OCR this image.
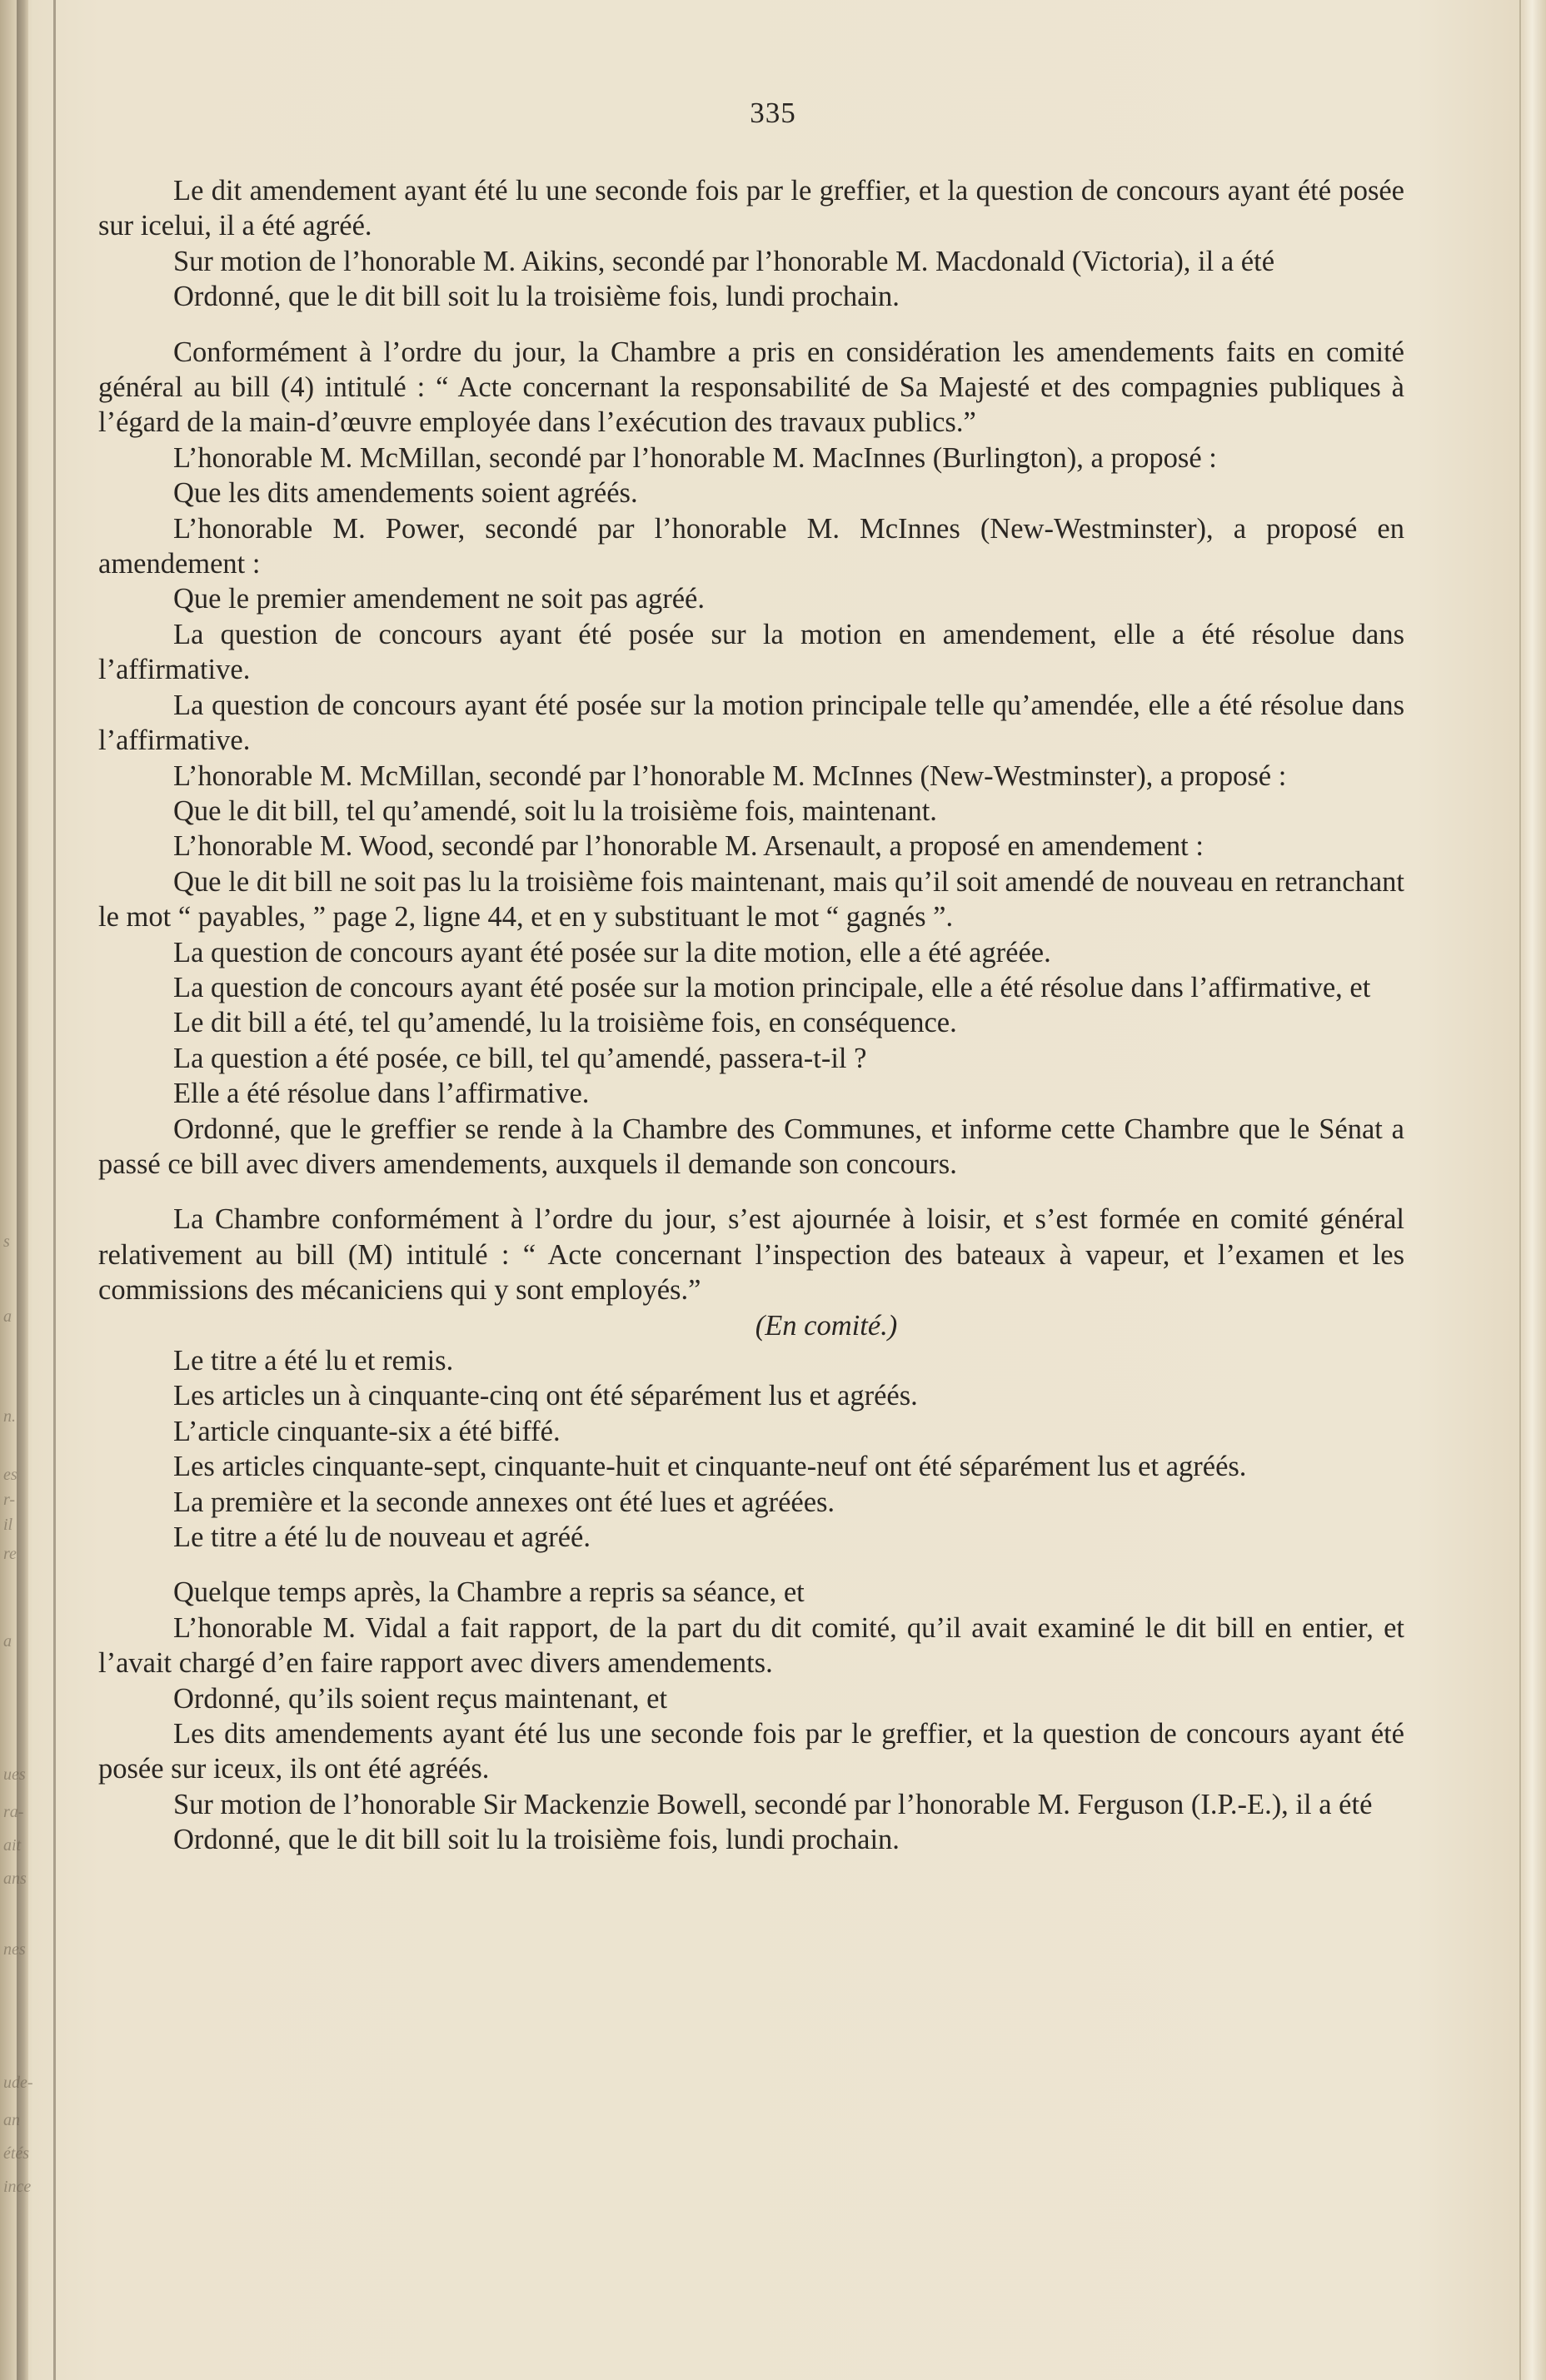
s
a
n.
es
r-
il
re
a
ues
ra-
ait
ans
nes
ude-
an
étés
ince
335

Le dit amendement ayant été lu une seconde fois par le greffier, et la question de concours ayant été posée sur icelui, il a été agréé.

Sur motion de l’honorable M. Aikins, secondé par l’honorable M. Macdonald (Victoria), il a été

Ordonné, que le dit bill soit lu la troisième fois, lundi prochain.

Conformément à l’ordre du jour, la Chambre a pris en considération les amendements faits en comité général au bill (4) intitulé : “ Acte concernant la responsabilité de Sa Majesté et des compagnies publiques à l’égard de la main-d’œuvre employée dans l’exécution des travaux publics.”

L’honorable M. McMillan, secondé par l’honorable M. MacInnes (Burlington), a proposé :

Que les dits amendements soient agréés.

L’honorable M. Power, secondé par l’honorable M. McInnes (New-Westminster), a proposé en amendement :

Que le premier amendement ne soit pas agréé.

La question de concours ayant été posée sur la motion en amendement, elle a été résolue dans l’affirmative.

La question de concours ayant été posée sur la motion principale telle qu’amendée, elle a été résolue dans l’affirmative.

L’honorable M. McMillan, secondé par l’honorable M. McInnes (New-Westminster), a proposé :

Que le dit bill, tel qu’amendé, soit lu la troisième fois, maintenant.

L’honorable M. Wood, secondé par l’honorable M. Arsenault, a proposé en amendement :

Que le dit bill ne soit pas lu la troisième fois maintenant, mais qu’il soit amendé de nouveau en retranchant le mot “ payables, ” page 2, ligne 44, et en y substituant le mot “ gagnés ”.

La question de concours ayant été posée sur la dite motion, elle a été agréée.

La question de concours ayant été posée sur la motion principale, elle a été résolue dans l’affirmative, et

Le dit bill a été, tel qu’amendé, lu la troisième fois, en conséquence.

La question a été posée, ce bill, tel qu’amendé, passera-t-il ?

Elle a été résolue dans l’affirmative.

Ordonné, que le greffier se rende à la Chambre des Communes, et informe cette Chambre que le Sénat a passé ce bill avec divers amendements, auxquels il demande son concours.

La Chambre conformément à l’ordre du jour, s’est ajournée à loisir, et s’est formée en comité général relativement au bill (M) intitulé : “ Acte concernant l’inspection des bateaux à vapeur, et l’examen et les commissions des mécaniciens qui y sont employés.”

(En comité.)

Le titre a été lu et remis.

Les articles un à cinquante-cinq ont été séparément lus et agréés.

L’article cinquante-six a été biffé.

Les articles cinquante-sept, cinquante-huit et cinquante-neuf ont été séparément lus et agréés.

La première et la seconde annexes ont été lues et agréées.

Le titre a été lu de nouveau et agréé.

Quelque temps après, la Chambre a repris sa séance, et

L’honorable M. Vidal a fait rapport, de la part du dit comité, qu’il avait examiné le dit bill en entier, et l’avait chargé d’en faire rapport avec divers amendements.

Ordonné, qu’ils soient reçus maintenant, et

Les dits amendements ayant été lus une seconde fois par le greffier, et la question de concours ayant été posée sur iceux, ils ont été agréés.

Sur motion de l’honorable Sir Mackenzie Bowell, secondé par l’honorable M. Ferguson (I.P.-E.), il a été

Ordonné, que le dit bill soit lu la troisième fois, lundi prochain.
